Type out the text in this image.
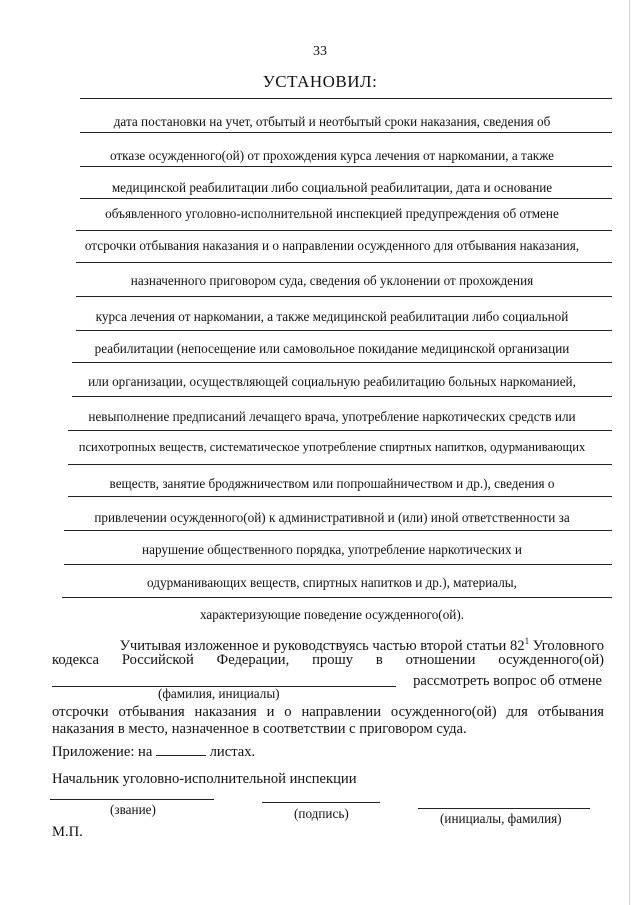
33
УСТАНОВИЛ:
дата постановки на учет, отбытый и неотбытый сроки наказания, сведения об
отказе осужденного(ой) от прохождения курса лечения от наркомании, а также
медицинской реабилитации либо социальной реабилитации, дата и основание
объявленного уголовно-исполнительной инспекцией предупреждения об отмене
отсрочки отбывания наказания и о направлении осужденного для отбывания наказания,
назначенного приговором суда, сведения об уклонении от прохождения
курса лечения от наркомании, а также медицинской реабилитации либо социальной
реабилитации (непосещение или самовольное покидание медицинской организации
или организации, осуществляющей социальную реабилитацию больных наркоманией,
невыполнение предписаний лечащего врача, употребление наркотических средств или
психотропных веществ, систематическое употребление спиртных напитков, одурманивающих
веществ, занятие бродяжничеством или попрошайничеством и др.), сведения о
привлечении осужденного(ой) к административной и (или) иной ответственности за
нарушение общественного порядка, употребление наркотических и
одурманивающих веществ, спиртных напитков и др.), материалы,
характеризующие поведение осужденного(ой).
Учитывая изложенное и руководствуясь частью второй статьи $82^1$ Уголовного
кодекса Российской Федерации, прошу в отношении осужденного(ой)
рассмотреть вопрос об отмене
(фамилия, инициалы)
отсрочки отбывания наказания и о направлении осужденного(ой) для отбывания
наказания в место, назначенное в соответствии с приговором суда.
Приложение: на	листах.
Начальник уголовно-исполнительной инспекции
(звание)	(подпись)	(инициалы, фамилия)
М.П.
